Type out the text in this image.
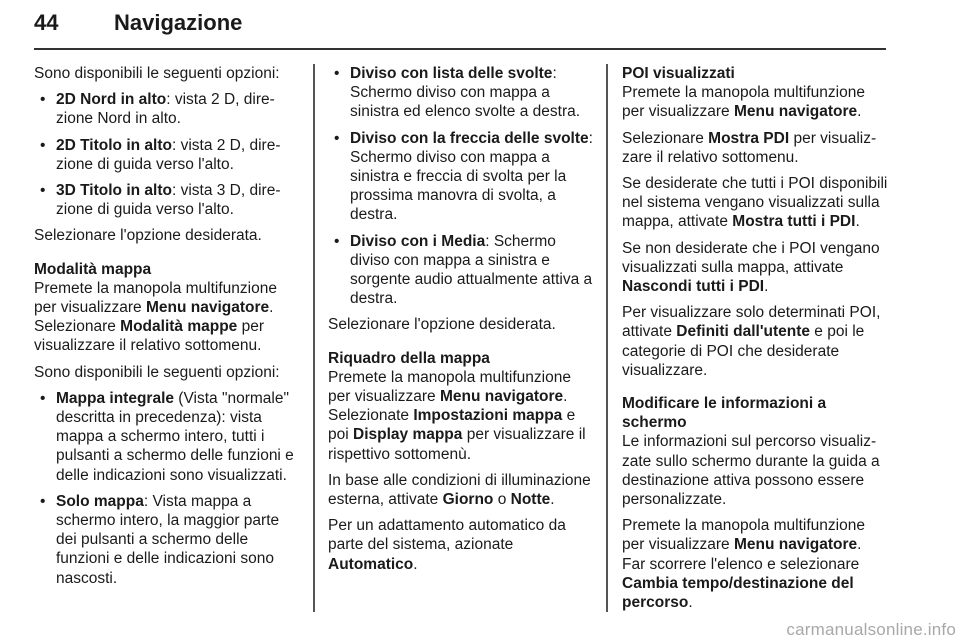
44	Navigazione

Sono disponibili le seguenti opzioni:

• 2D Nord in alto: vista 2 D, direzione Nord in alto.
• 2D Titolo in alto: vista 2 D, direzione di guida verso l'alto.
• 3D Titolo in alto: vista 3 D, direzione di guida verso l'alto.

Selezionare l'opzione desiderata.

Modalità mappa

Premete la manopola multifunzione per visualizzare Menu navigatore. Selezionare Modalità mappe per visualizzare il relativo sottomenu.

Sono disponibili le seguenti opzioni:

• Mappa integrale (Vista "normale" descritta in precedenza): vista mappa a schermo intero, tutti i pulsanti a schermo delle funzioni e delle indicazioni sono visualizzati.
• Solo mappa: Vista mappa a schermo intero, la maggior parte dei pulsanti a schermo delle funzioni e delle indicazioni sono nascosti.
• Diviso con lista delle svolte: Schermo diviso con mappa a sinistra ed elenco svolte a destra.
• Diviso con la freccia delle svolte: Schermo diviso con mappa a sinistra e freccia di svolta per la prossima manovra di svolta, a destra.
• Diviso con i Media: Schermo diviso con mappa a sinistra e sorgente audio attualmente attiva a destra.

Selezionare l'opzione desiderata.

Riquadro della mappa

Premete la manopola multifunzione per visualizzare Menu navigatore. Selezionate Impostazioni mappa e poi Display mappa per visualizzare il rispettivo sottomenù.

In base alle condizioni di illuminazione esterna, attivate Giorno o Notte.

Per un adattamento automatico da parte del sistema, azionate Automatico.

POI visualizzati

Premete la manopola multifunzione per visualizzare Menu navigatore.

Selezionare Mostra PDI per visualizzare il relativo sottomenu.

Se desiderate che tutti i POI disponibili nel sistema vengano visualizzati sulla mappa, attivate Mostra tutti i PDI.

Se non desiderate che i POI vengano visualizzati sulla mappa, attivate Nascondi tutti i PDI.

Per visualizzare solo determinati POI, attivate Definiti dall'utente e poi le categorie di POI che desiderate visualizzare.

Modificare le informazioni a schermo

Le informazioni sul percorso visualizzate sullo schermo durante la guida a destinazione attiva possono essere personalizzate.

Premete la manopola multifunzione per visualizzare Menu navigatore. Far scorrere l'elenco e selezionare Cambia tempo/destinazione del percorso.

carmanualsonline.info
